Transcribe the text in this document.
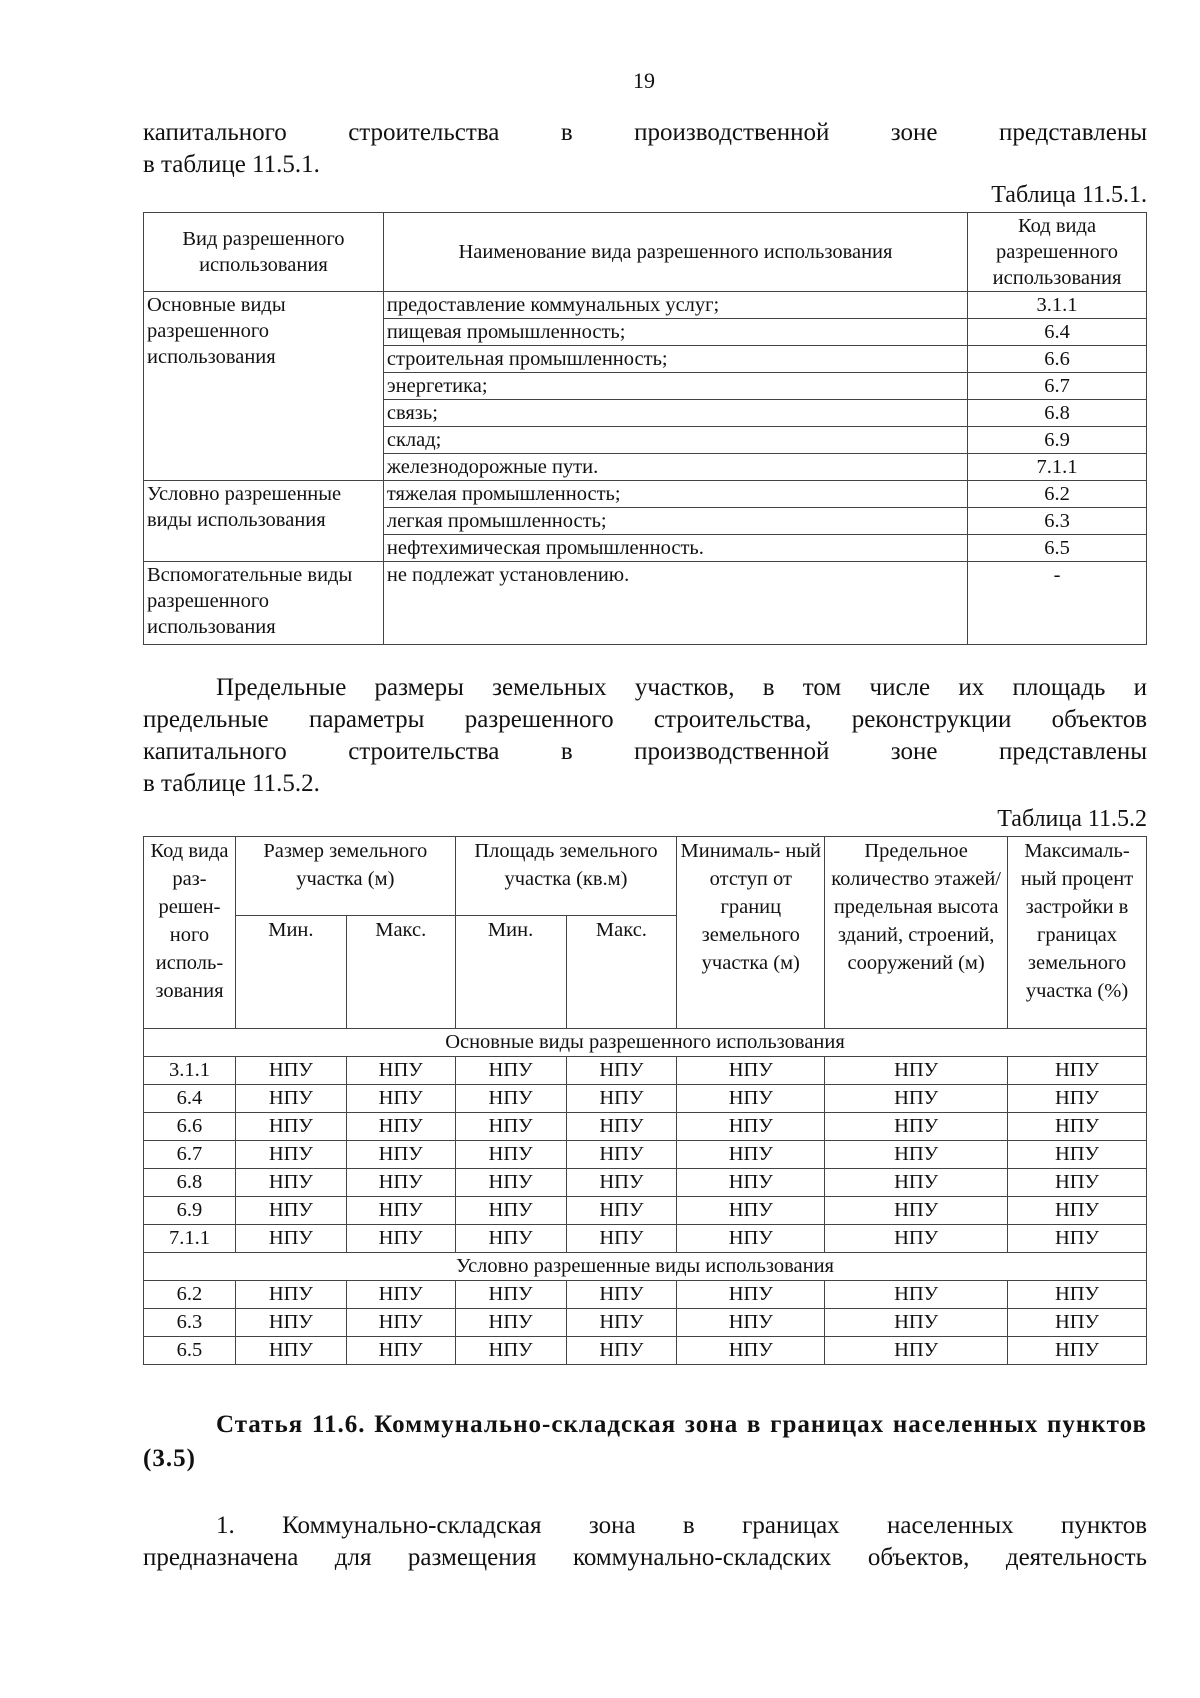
19
капитального строительства в производственной зоне представлены
в таблице 11.5.1.
Таблица 11.5.1.
Вид разрешенного использования	Наименование вида разрешенного использования	Код вида разрешенного использования
Основные виды разрешенного использования	предоставление коммунальных услуг;	3.1.1
	пищевая промышленность;	6.4
	строительная промышленность;	6.6
	энергетика;	6.7
	связь;	6.8
	склад;	6.9
	железнодорожные пути.	7.1.1
Условно разрешенные виды использования	тяжелая промышленность;	6.2
	легкая промышленность;	6.3
	нефтехимическая промышленность.	6.5
Вспомогательные виды разрешенного использования	не подлежат установлению.	-
Предельные размеры земельных участков, в том числе их площадь и
предельные параметры разрешенного строительства, реконструкции объектов
капитального строительства в производственной зоне представлены
в таблице 11.5.2.
Таблица 11.5.2
Код вида раз- решен- ного исполь- зования	Размер земельного участка (м)		Площадь земельного участка (кв.м)		Минималь- ный отступ от границ земельного участка (м)	Предельное количество этажей/ предельная высота зданий, строений, сооружений (м)	Максималь- ный процент застройки в границах земельного участка (%)
	Мин.	Макс.	Мин.	Макс.			
Основные виды разрешенного использования							
3.1.1	НПУ	НПУ	НПУ	НПУ	НПУ	НПУ	НПУ
6.4	НПУ	НПУ	НПУ	НПУ	НПУ	НПУ	НПУ
6.6	НПУ	НПУ	НПУ	НПУ	НПУ	НПУ	НПУ
6.7	НПУ	НПУ	НПУ	НПУ	НПУ	НПУ	НПУ
6.8	НПУ	НПУ	НПУ	НПУ	НПУ	НПУ	НПУ
6.9	НПУ	НПУ	НПУ	НПУ	НПУ	НПУ	НПУ
7.1.1	НПУ	НПУ	НПУ	НПУ	НПУ	НПУ	НПУ
Условно разрешенные виды использования							
6.2	НПУ	НПУ	НПУ	НПУ	НПУ	НПУ	НПУ
6.3	НПУ	НПУ	НПУ	НПУ	НПУ	НПУ	НПУ
6.5	НПУ	НПУ	НПУ	НПУ	НПУ	НПУ	НПУ
Статья 11.6. Коммунально-складская зона в границах населенных пунктов (3.5)
1. Коммунально-складская зона в границах населенных пунктов
предназначена для размещения коммунально-складских объектов, деятельность
